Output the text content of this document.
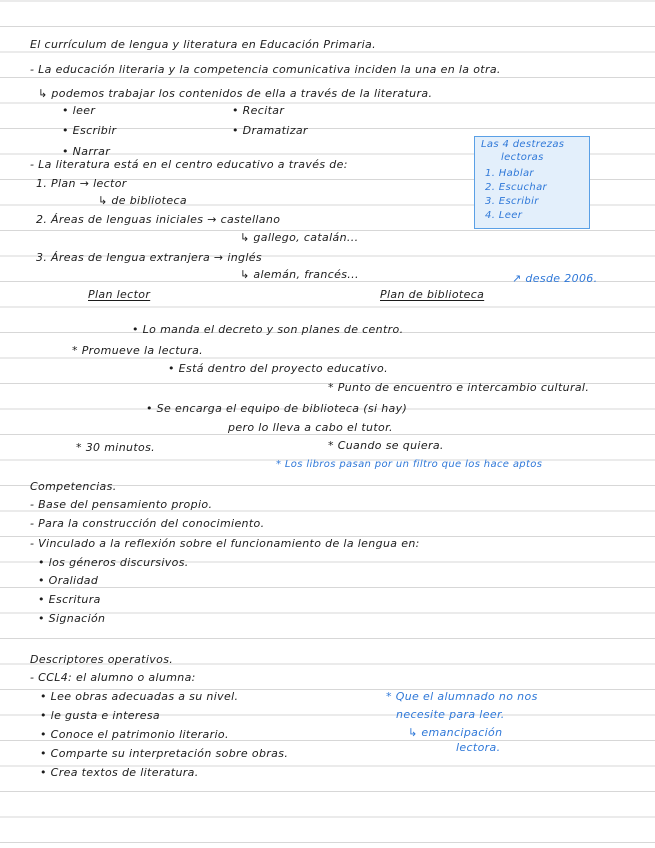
El currículum de lengua y literatura en Educación Primaria.
- La educación literaria y la competencia comunicativa inciden la una en la otra.
↳ podemos trabajar los contenidos de ella a través de la literatura.
• leer	• Recitar
• Escribir	• Dramatizar
• Narrar
Las 4 destrezas
lectoras
1. Hablar
2. Escuchar
3. Escribir
4. Leer
- La literatura está en el centro educativo a través de:
1. Plan → lector
↳ de biblioteca
2. Áreas de lenguas iniciales → castellano
↳ gallego, catalán...
3. Áreas de lengua extranjera → inglés
↳ alemán, francés...	↗ desde 2006.
Plan lector	Plan de biblioteca
• Lo manda el decreto y son planes de centro.
* Promueve la lectura.
• Está dentro del proyecto educativo.
* Punto de encuentro e intercambio cultural.
• Se encarga el equipo de biblioteca (si hay)
pero lo lleva a cabo el tutor.
* 30 minutos.	* Cuando se quiera.
* Los libros pasan por un filtro que los hace aptos
Competencias.
- Base del pensamiento propio.
- Para la construcción del conocimiento.
- Vinculado a la reflexión sobre el funcionamiento de la lengua en:
• los géneros discursivos.
• Oralidad
• Escritura
• Signación
Descriptores operativos.
- CCL4: el alumno o alumna:
• Lee obras adecuadas a su nivel.
• le gusta e interesa
• Conoce el patrimonio literario.
• Comparte su interpretación sobre obras.
• Crea textos de literatura.
* Que el alumnado no nos
necesite para leer.
↳ emancipación
lectora.
